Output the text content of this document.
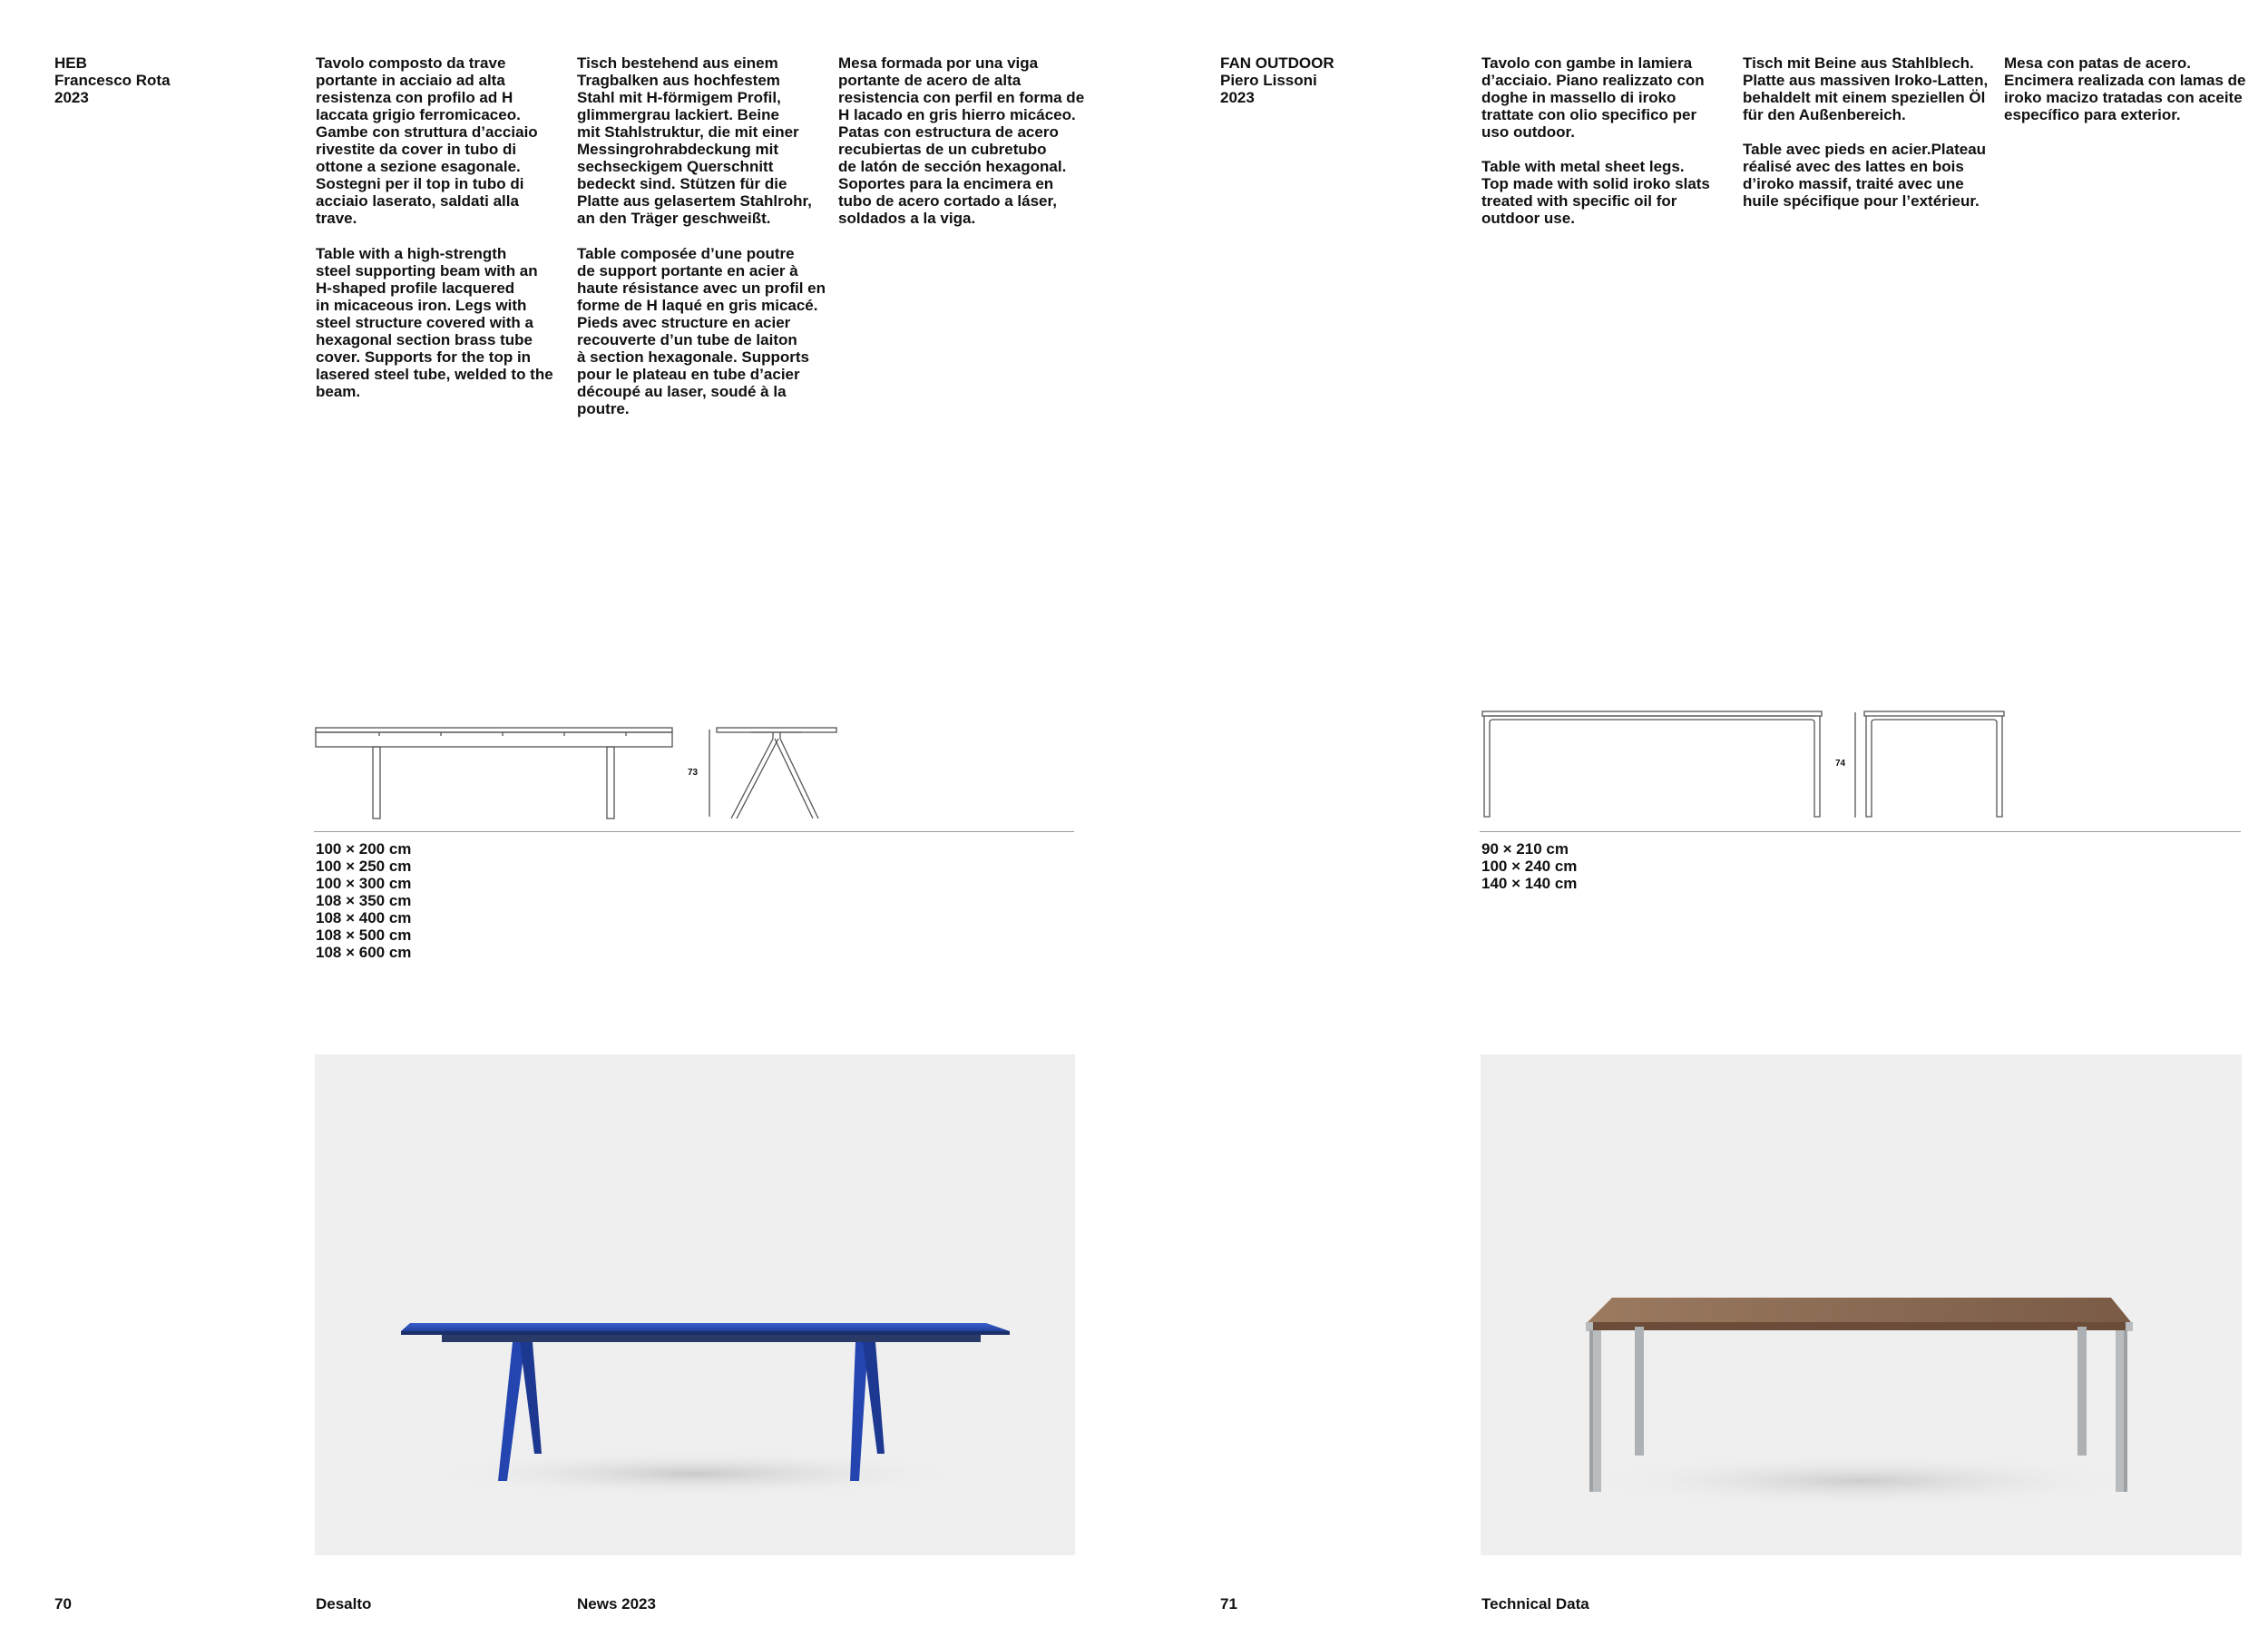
HEB
Francesco Rota
2023
Tavolo composto da trave
portante in acciaio ad alta
resistenza con profilo ad H
laccata grigio ferromicaceo.
Gambe con struttura d’acciaio
rivestite da cover in tubo di
ottone a sezione esagonale.
Sostegni per il top in tubo di
acciaio laserato, saldati alla
trave.
Table with a high-strength
steel supporting beam with an
H-shaped profile lacquered
in micaceous iron. Legs with
steel structure covered with a
hexagonal section brass tube
cover. Supports for the top in
lasered steel tube, welded to the
beam.
Tisch bestehend aus einem
Tragbalken aus hochfestem
Stahl mit H-förmigem Profil,
glimmergrau lackiert. Beine
mit Stahlstruktur, die mit einer
Messingrohrabdeckung mit
sechseckigem Querschnitt
bedeckt sind. Stützen für die
Platte aus gelasertem Stahlrohr,
an den Träger geschweißt.
Table composée d’une poutre
de support portante en acier à
haute résistance avec un profil en
forme de H laqué en gris micacé.
Pieds avec structure en acier
recouverte d’un tube de laiton
à section hexagonale. Supports
pour le plateau en tube d’acier
découpé au laser, soudé à la
poutre.
Mesa formada por una viga
portante de acero de alta
resistencia con perfil en forma de
H lacado en gris hierro micáceo.
Patas con estructura de acero
recubiertas de un cubretubo
de latón de sección hexagonal.
Soportes para la encimera en
tubo de acero cortado a láser,
soldados a la viga.
73
100 × 200 cm
100 × 250 cm
100 × 300 cm
108 × 350 cm
108 × 400 cm
108 × 500 cm
108 × 600 cm
70	Desalto	News 2023
FAN OUTDOOR
Piero Lissoni
2023
Tavolo con gambe in lamiera
d’acciaio. Piano realizzato con
doghe in massello di iroko
trattate con olio specifico per
uso outdoor.
Table with metal sheet legs.
Top made with solid iroko slats
treated with specific oil for
outdoor use.
Tisch mit Beine aus Stahlblech.
Platte aus massiven Iroko-Latten,
behaldelt mit einem speziellen Öl
für den Außenbereich.
Table avec pieds en acier.Plateau
réalisé avec des lattes en bois
d’iroko massif, traité avec une
huile spécifique pour l’extérieur.
Mesa con patas de acero.
Encimera realizada con lamas de
iroko macizo tratadas con aceite
específico para exterior.
74
90 × 210 cm
100 × 240 cm
140 × 140 cm
71	Technical Data
